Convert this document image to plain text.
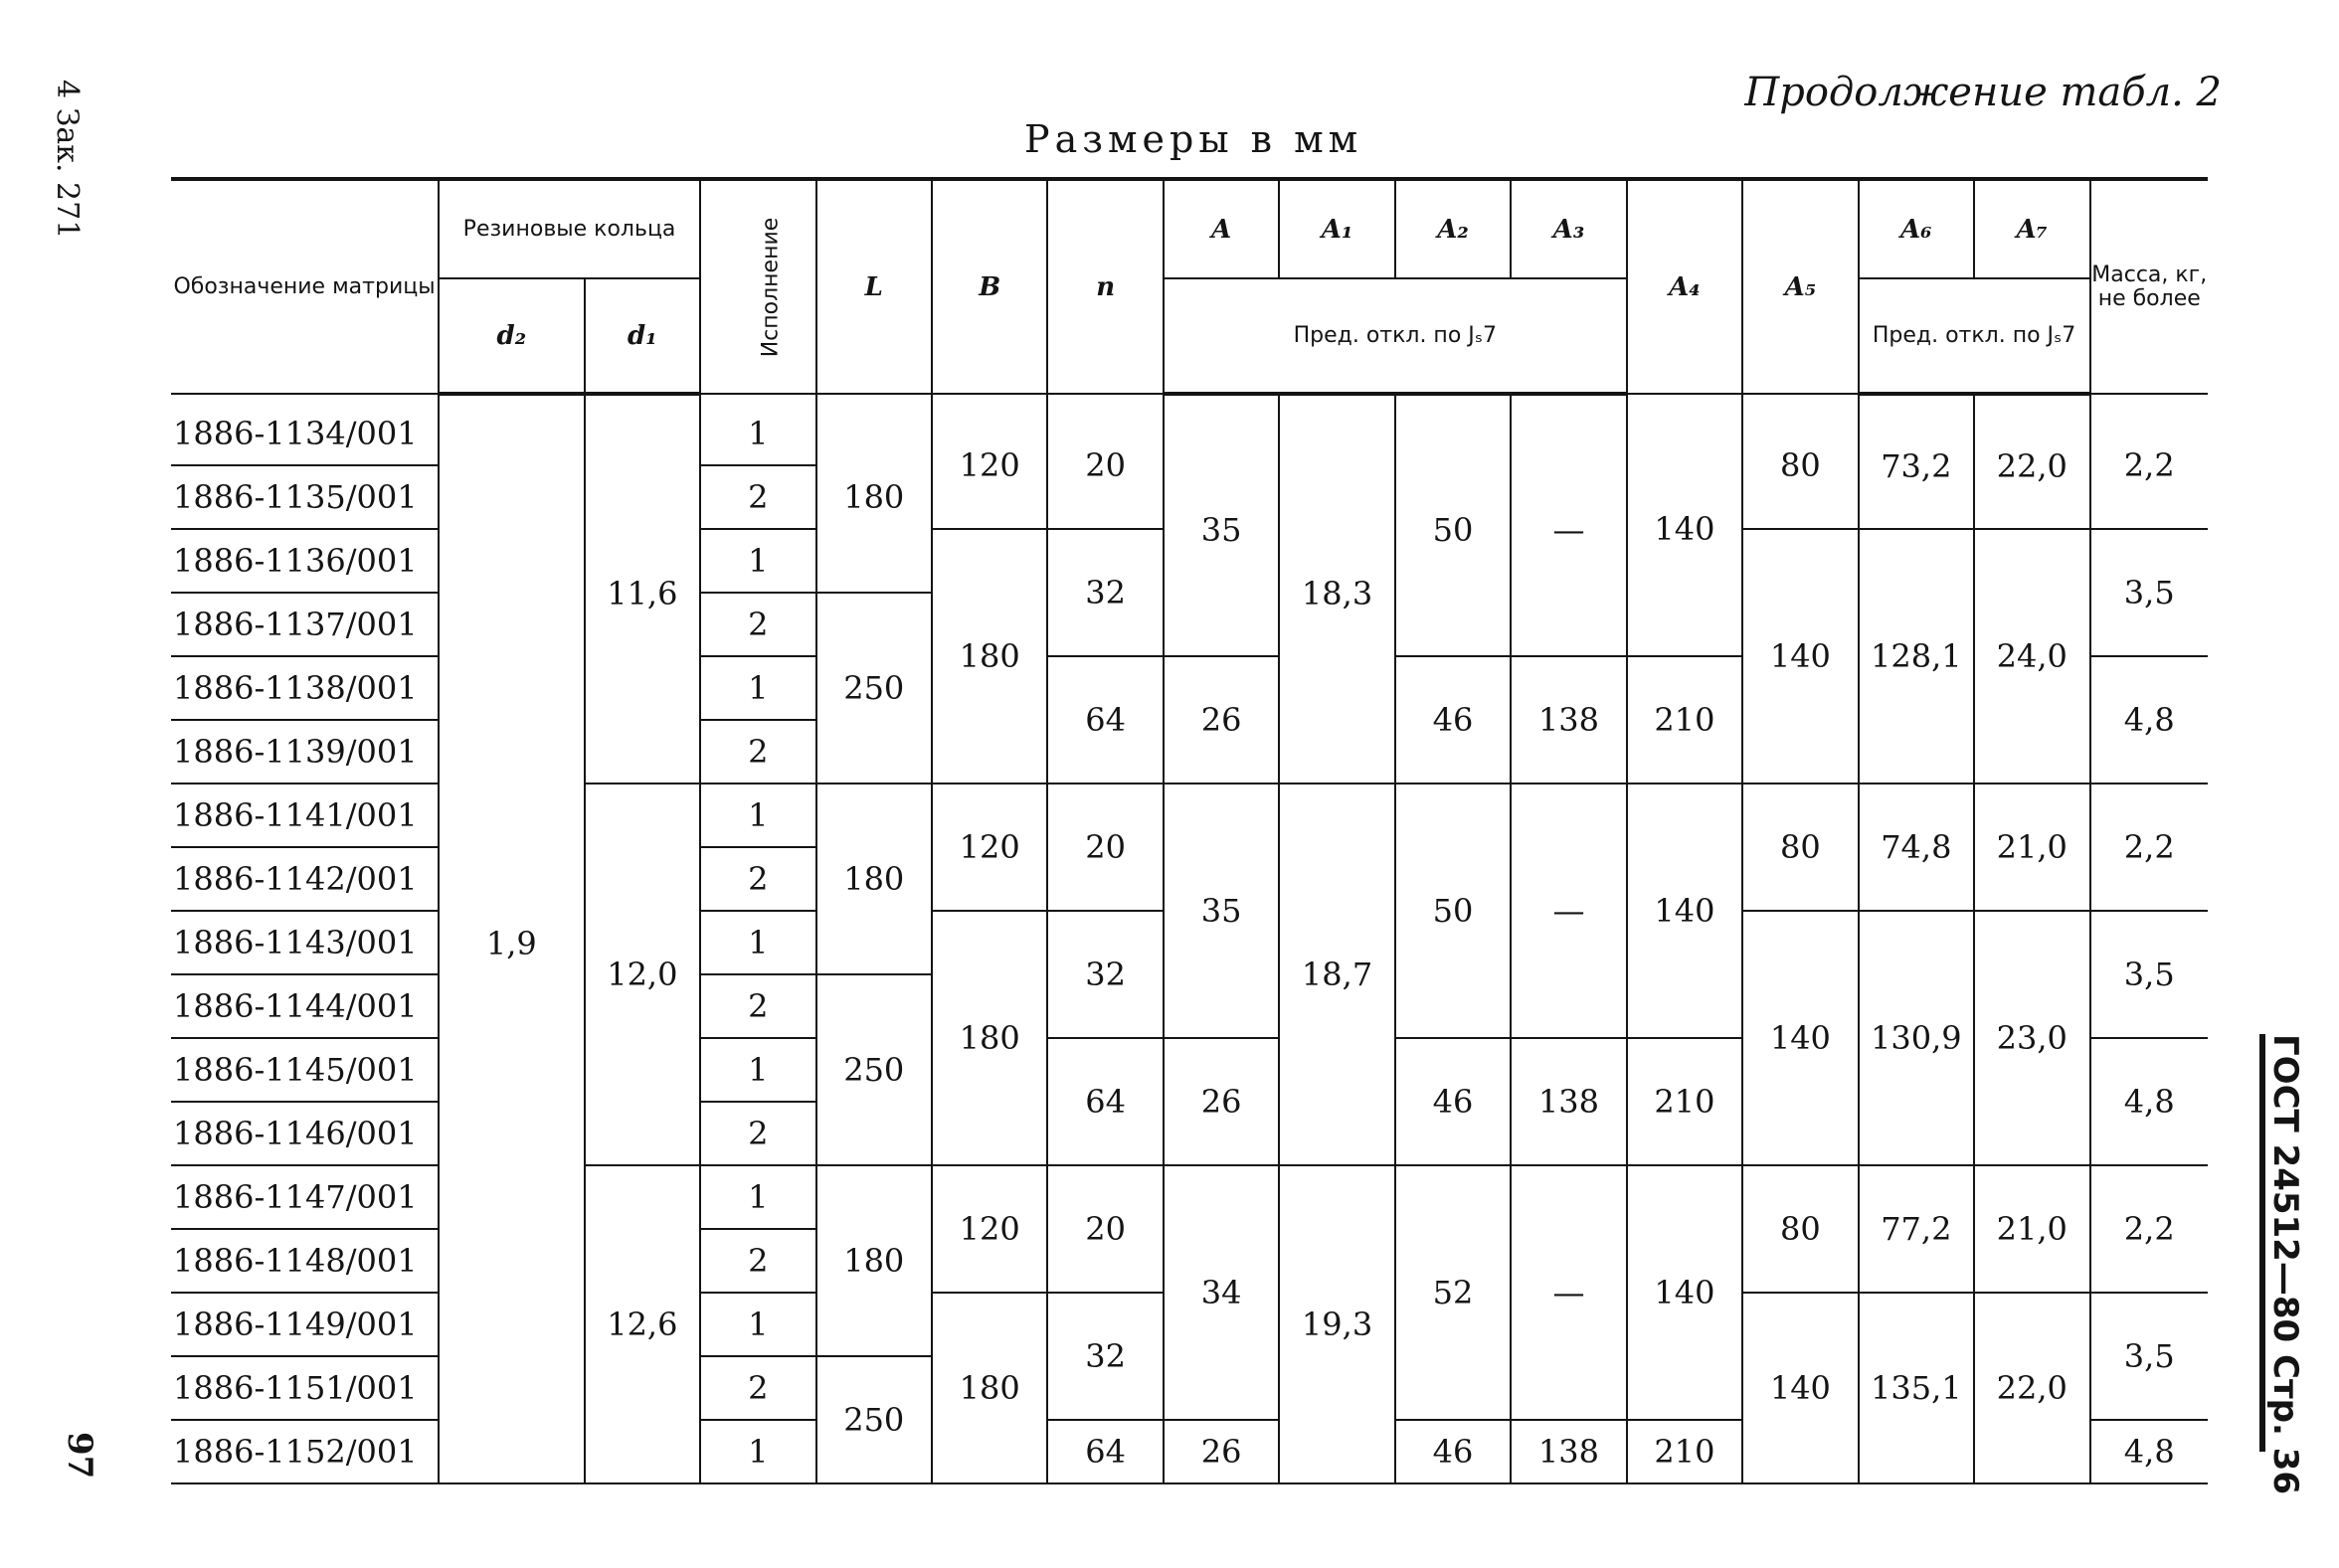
Продолжение табл. 2
Размеры в мм
4 Зак. 271
97	ГОСТ 24512—80 Стр. 36
Обозначение матрицы	Резиновые кольца		Исполнение	L	B	n	A	A₁	A₂	A₃	A₄	A₅	A₆	A₇	Масса, кг, не более
	d₂	d₁					Пред. откл. по Jₛ7						Пред. откл. по Jₛ7		
1886-1134/001	1,9	11,6	1	180	120	20	35	18,3	50	—	140	80	73,2	22,0	2,2
1886-1135/001			2												
1886-1136/001			1		180	32						140	128,1	24,0	3,5
1886-1137/001			2	250											
1886-1138/001			1			64	26		46	138	210				4,8
1886-1139/001			2												
1886-1141/001		12,0	1	180	120	20	35	18,7	50	—	140	80	74,8	21,0	2,2
1886-1142/001			2												
1886-1143/001			1		180	32						140	130,9	23,0	3,5
1886-1144/001			2	250											
1886-1145/001			1			64	26		46	138	210				4,8
1886-1146/001			2												
1886-1147/001		12,6	1	180	120	20	34	19,3	52	—	140	80	77,2	21,0	2,2
1886-1148/001			2												
1886-1149/001			1		180	32						140	135,1	22,0	3,5
1886-1151/001			2	250											
1886-1152/001			1			64	26		46	138	210				4,8
